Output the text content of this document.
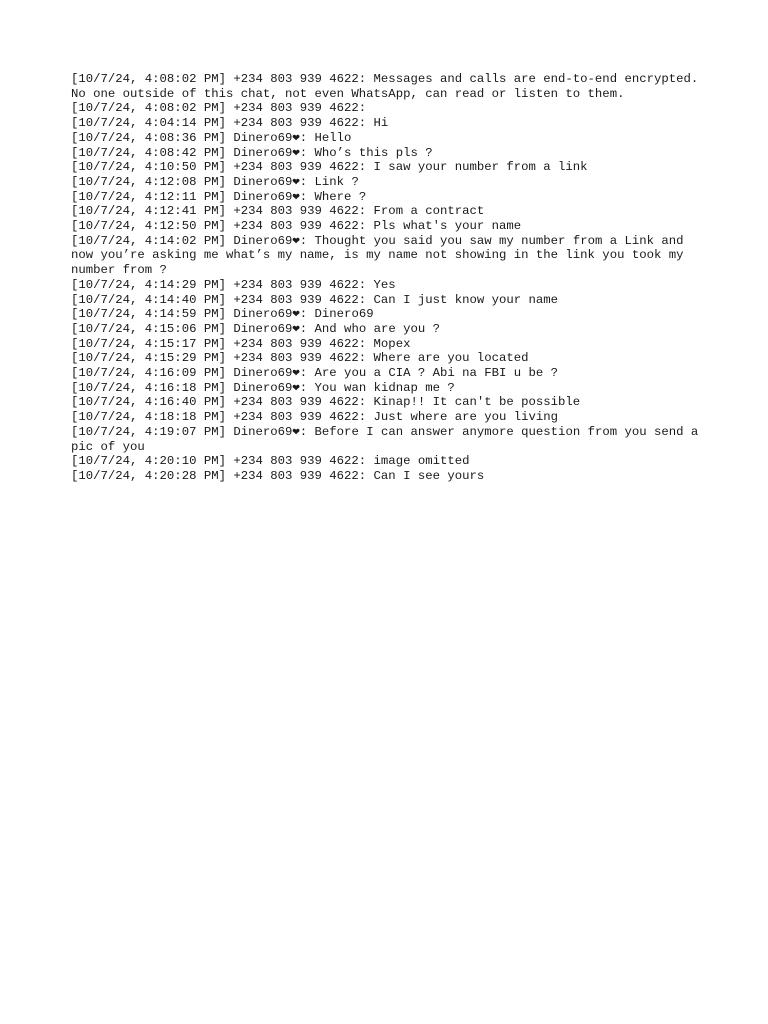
[10/7/24, 4:08:02 PM] +234 803 939 4622: Messages and calls are end-to-end encrypted. No one outside of this chat, not even WhatsApp, can read or listen to them.

[10/7/24, 4:08:02 PM] +234 803 939 4622:

[10/7/24, 4:04:14 PM] +234 803 939 4622: Hi

[10/7/24, 4:08:36 PM] Dinero69❤: Hello

[10/7/24, 4:08:42 PM] Dinero69❤: Who’s this pls ?

[10/7/24, 4:10:50 PM] +234 803 939 4622: I saw your number from a link

[10/7/24, 4:12:08 PM] Dinero69❤: Link ?

[10/7/24, 4:12:11 PM] Dinero69❤: Where ?

[10/7/24, 4:12:41 PM] +234 803 939 4622: From a contract

[10/7/24, 4:12:50 PM] +234 803 939 4622: Pls what's your name

[10/7/24, 4:14:02 PM] Dinero69❤: Thought you said you saw my number from a Link and now you’re asking me what’s my name, is my name not showing in the link you took my number from ?

[10/7/24, 4:14:29 PM] +234 803 939 4622: Yes

[10/7/24, 4:14:40 PM] +234 803 939 4622: Can I just know your name

[10/7/24, 4:14:59 PM] Dinero69❤: Dinero69

[10/7/24, 4:15:06 PM] Dinero69❤: And who are you ?

[10/7/24, 4:15:17 PM] +234 803 939 4622: Mopex

[10/7/24, 4:15:29 PM] +234 803 939 4622: Where are you located

[10/7/24, 4:16:09 PM] Dinero69❤: Are you a CIA ? Abi na FBI u be ?

[10/7/24, 4:16:18 PM] Dinero69❤: You wan kidnap me ?

[10/7/24, 4:16:40 PM] +234 803 939 4622: Kinap!! It can't be possible

[10/7/24, 4:18:18 PM] +234 803 939 4622: Just where are you living

[10/7/24, 4:19:07 PM] Dinero69❤: Before I can answer anymore question from you send a pic of you

[10/7/24, 4:20:10 PM] +234 803 939 4622: image omitted

[10/7/24, 4:20:28 PM] +234 803 939 4622: Can I see yours
